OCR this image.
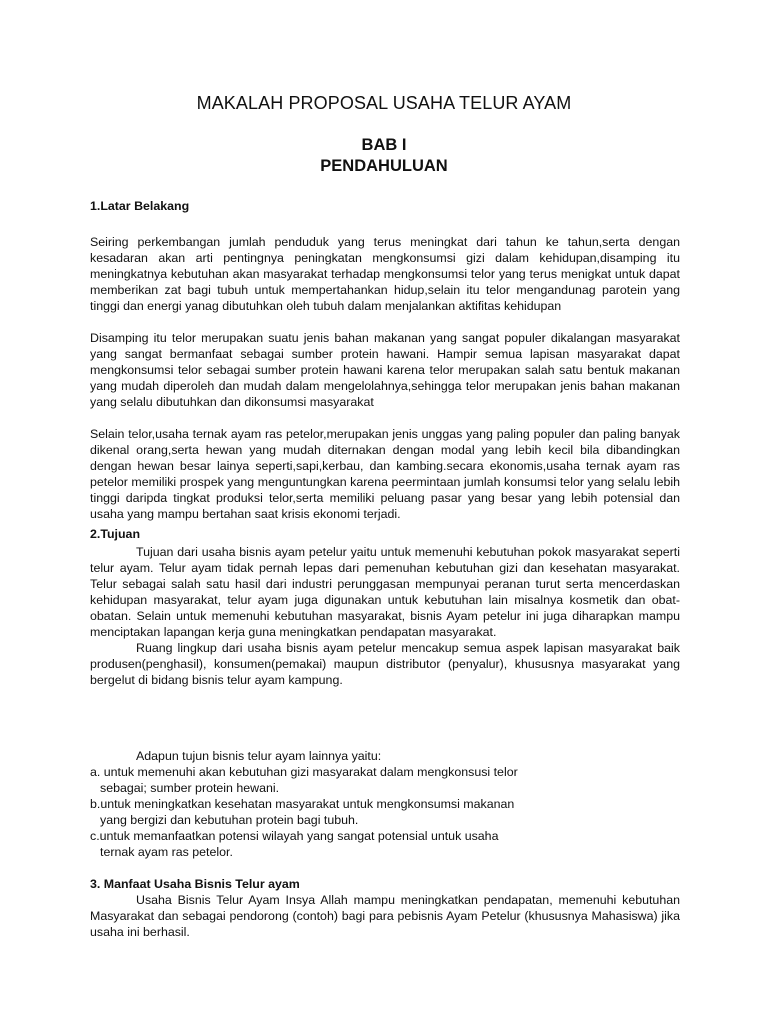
MAKALAH PROPOSAL USAHA TELUR AYAM
BAB I
PENDAHULUAN

1.Latar Belakang

Seiring perkembangan jumlah penduduk yang terus meningkat dari tahun ke tahun,serta dengan kesadaran akan arti pentingnya peningkatan mengkonsumsi gizi dalam kehidupan,disamping itu meningkatnya kebutuhan akan masyarakat terhadap mengkonsumsi telor yang terus menigkat untuk dapat memberikan zat bagi tubuh untuk mempertahankan hidup,selain itu telor mengandunag parotein yang tinggi dan energi yanag dibutuhkan oleh tubuh dalam menjalankan aktifitas kehidupan

Disamping itu telor merupakan suatu jenis bahan makanan yang sangat populer dikalangan masyarakat yang sangat bermanfaat sebagai sumber protein hawani. Hampir semua lapisan masyarakat dapat mengkonsumsi telor sebagai sumber protein hawani karena telor merupakan salah satu bentuk makanan yang mudah diperoleh dan mudah dalam mengelolahnya,sehingga telor merupakan jenis bahan makanan yang selalu dibutuhkan dan dikonsumsi masyarakat

Selain telor,usaha ternak ayam ras petelor,merupakan jenis unggas yang paling populer dan paling banyak dikenal orang,serta hewan yang mudah diternakan dengan modal yang lebih kecil bila dibandingkan dengan hewan besar lainya seperti,sapi,kerbau, dan kambing.secara ekonomis,usaha ternak ayam ras petelor memiliki prospek yang menguntungkan karena peermintaan jumlah konsumsi telor yang selalu lebih tinggi daripda tingkat produksi telor,serta memiliki peluang pasar yang besar yang lebih potensial dan usaha yang mampu bertahan saat krisis ekonomi terjadi.

2.Tujuan

Tujuan dari usaha bisnis ayam petelur yaitu untuk memenuhi kebutuhan pokok masyarakat seperti telur ayam. Telur ayam tidak pernah lepas dari pemenuhan kebutuhan gizi dan kesehatan masyarakat. Telur sebagai salah satu hasil dari industri perunggasan mempunyai peranan turut serta mencerdaskan kehidupan masyarakat, telur ayam juga digunakan untuk kebutuhan lain misalnya kosmetik dan obat-obatan. Selain untuk memenuhi kebutuhan masyarakat, bisnis Ayam petelur ini juga diharapkan mampu menciptakan lapangan kerja guna meningkatkan pendapatan masyarakat.

Ruang lingkup dari usaha bisnis ayam petelur mencakup semua aspek lapisan masyarakat baik produsen(penghasil), konsumen(pemakai) maupun distributor (penyalur), khususnya masyarakat yang bergelut di bidang bisnis telur ayam kampung.

Adapun tujun bisnis telur ayam lainnya yaitu:

a. untuk memenuhi akan kebutuhan gizi masyarakat dalam mengkonsusi telor
sebagai; sumber protein hewani.
b.untuk meningkatkan kesehatan masyarakat untuk mengkonsumsi makanan
yang bergizi dan kebutuhan protein bagi tubuh.
c.untuk memanfaatkan potensi wilayah yang sangat potensial untuk usaha
ternak ayam ras petelor.

3. Manfaat Usaha Bisnis Telur ayam

Usaha Bisnis Telur Ayam Insya Allah mampu meningkatkan pendapatan, memenuhi kebutuhan Masyarakat dan sebagai pendorong (contoh) bagi para pebisnis Ayam Petelur (khususnya Mahasiswa) jika usaha ini berhasil.
